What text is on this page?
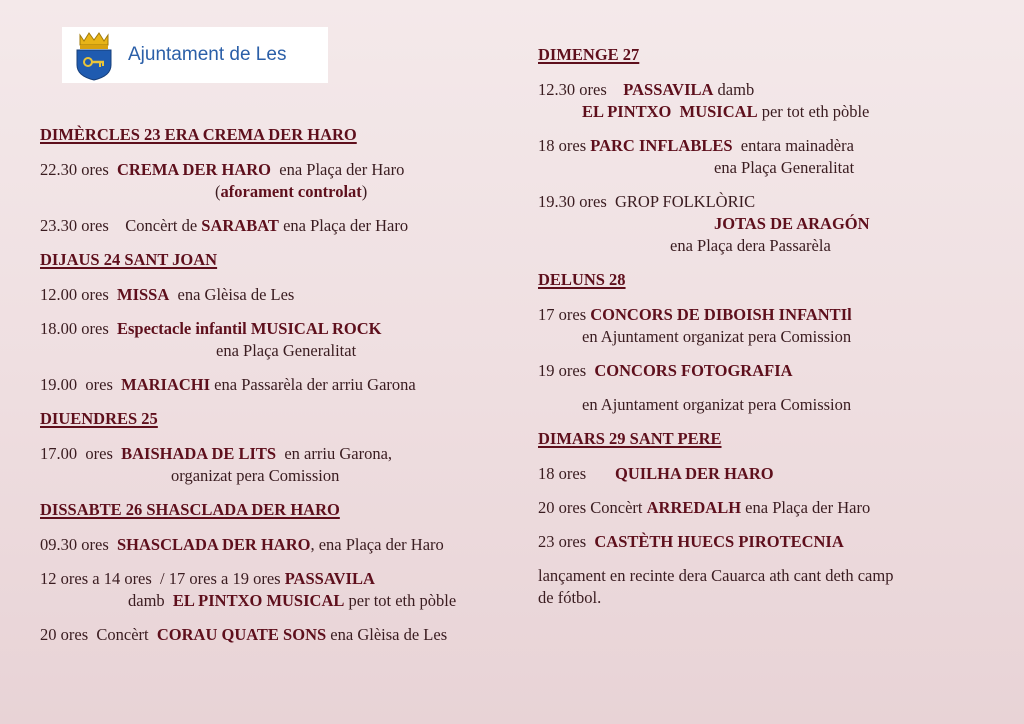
Ajuntament de Les
DIMÈRCLES 23 ERA CREMA DER HARO
22.30 ores  CREMA DER HARO  ena Plaça der Haro
(aforament controlat)
23.30 ores    Concèrt de SARABAT ena Plaça der Haro
DIJAUS 24 SANT JOAN
12.00 ores  MISSA  ena Glèisa de Les
18.00 ores  Espectacle infantil MUSICAL ROCK
ena Plaça Generalitat
19.00  ores  MARIACHI ena Passarèla der arriu Garona
DIUENDRES 25
17.00  ores  BAISHADA DE LITS  en arriu Garona,
organizat pera Comission
DISSABTE 26 SHASCLADA DER HARO
09.30 ores  SHASCLADA DER HARO, ena Plaça der Haro
12 ores a 14 ores  / 17 ores a 19 ores PASSAVILA
damb  EL PINTXO MUSICAL per tot eth pòble
20 ores  Concèrt  CORAU QUATE SONS ena Glèisa de Les
DIMENGE 27
12.30 ores    PASSAVILA damb
EL PINTXO  MUSICAL per tot eth pòble
18 ores PARC INFLABLES  entara mainadèra
ena Plaça Generalitat
19.30 ores  GROP FOLKLÒRIC
JOTAS DE ARAGÓN
ena Plaça dera Passarèla
DELUNS 28
17 ores CONCORS DE DIBOISH INFANTIl
en Ajuntament organizat pera Comission
19 ores  CONCORS FOTOGRAFIA
en Ajuntament organizat pera Comission
DIMARS 29 SANT PERE
18 ores       QUILHA DER HARO
20 ores Concèrt ARREDALH ena Plaça der Haro
23 ores  CASTÈTH HUECS PIROTECNIA
lançament en recinte dera Cauarca ath cant deth camp
de fótbol.
